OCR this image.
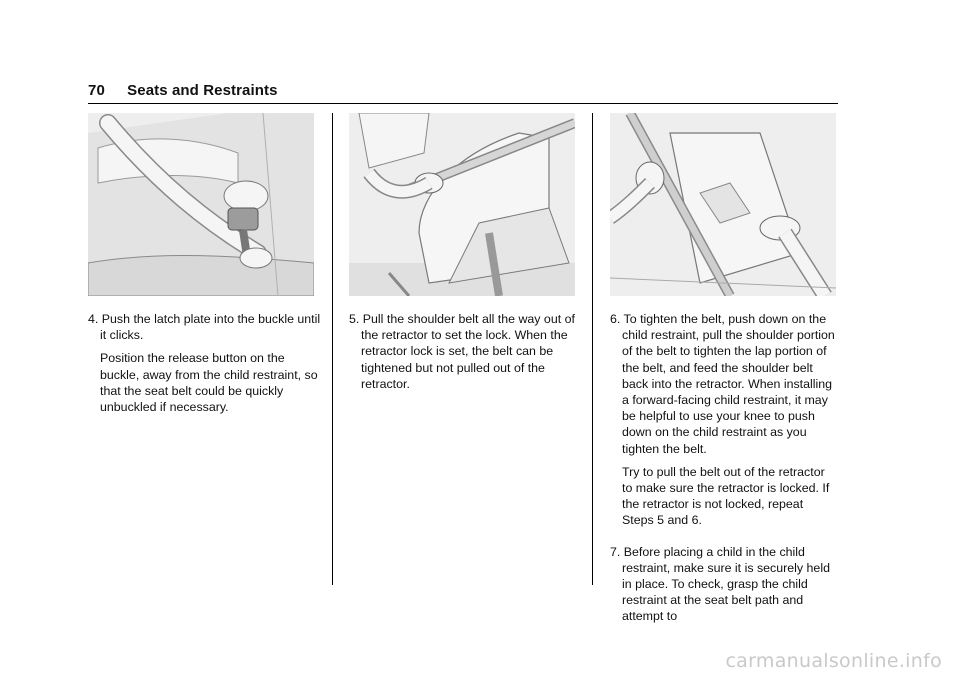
70 Seats and Restraints
4. Push the latch plate into the buckle until it clicks.
Position the release button on the buckle, away from the child restraint, so that the seat belt could be quickly unbuckled if necessary.
5. Pull the shoulder belt all the way out of the retractor to set the lock. When the retractor lock is set, the belt can be tightened but not pulled out of the retractor.
6. To tighten the belt, push down on the child restraint, pull the shoulder portion of the belt to tighten the lap portion of the belt, and feed the shoulder belt back into the retractor. When installing a forward-facing child restraint, it may be helpful to use your knee to push down on the child restraint as you tighten the belt.
Try to pull the belt out of the retractor to make sure the retractor is locked. If the retractor is not locked, repeat Steps 5 and 6.
7. Before placing a child in the child restraint, make sure it is securely held in place. To check, grasp the child restraint at the seat belt path and attempt to
carmanualsonline.info
